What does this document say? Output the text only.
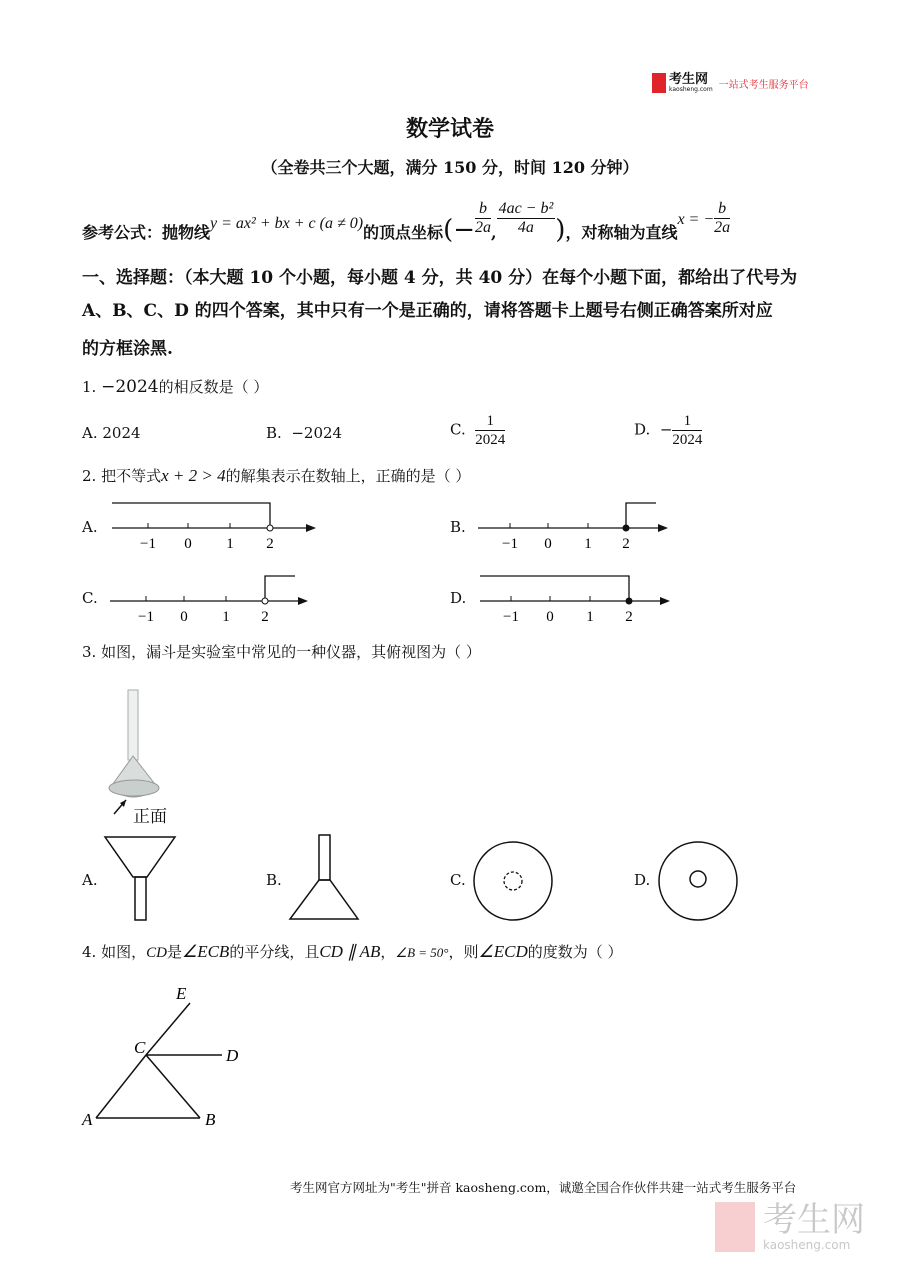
考生网
kaosheng.com 一站式考生服务平台
数学试卷
（全卷共三个大题，满分 150 分，时间 120 分钟）
参考公式：抛物线y = ax² + bx + c (a ≠ 0)的顶点坐标(− $\frac{b}{2a}$ , $\frac{\text{4ac − b²}}{4a}$ )，对称轴为直线x = − $\frac{b}{2a}$
一、选择题：（本大题 10 个小题，每小题 4 分，共 40 分）在每个小题下面，都给出了代号为
A、B、C、D 的四个答案，其中只有一个是正确的，请将答题卡上题号右侧正确答案所对应
的方框涂黑.
1. −2024的相反数是（ ）
A. 2024	B. −2024	C. $\frac{1}{2024}$	D. − $\frac{1}{2024}$
2. 把不等式x + 2 > 4的解集表示在数轴上，正确的是（ ）
A.
−1 0 1 2
B.
−1 0 1 2
C.
−1 0 1 2
D.
−1 0 1 2
3. 如图，漏斗是实验室中常见的一种仪器，其俯视图为（ ）
正面
A.	B.	C.	D.
4. 如图，CD是∠ECB的平分线，且CD ∥ AB，∠B = 50°，则∠ECD的度数为（ ）
E
C	D
A	B
考生网官方网址为"考生"拼音 kaosheng.com，诚邀全国合作伙伴共建一站式考生服务平台
考生网
kaosheng.com
